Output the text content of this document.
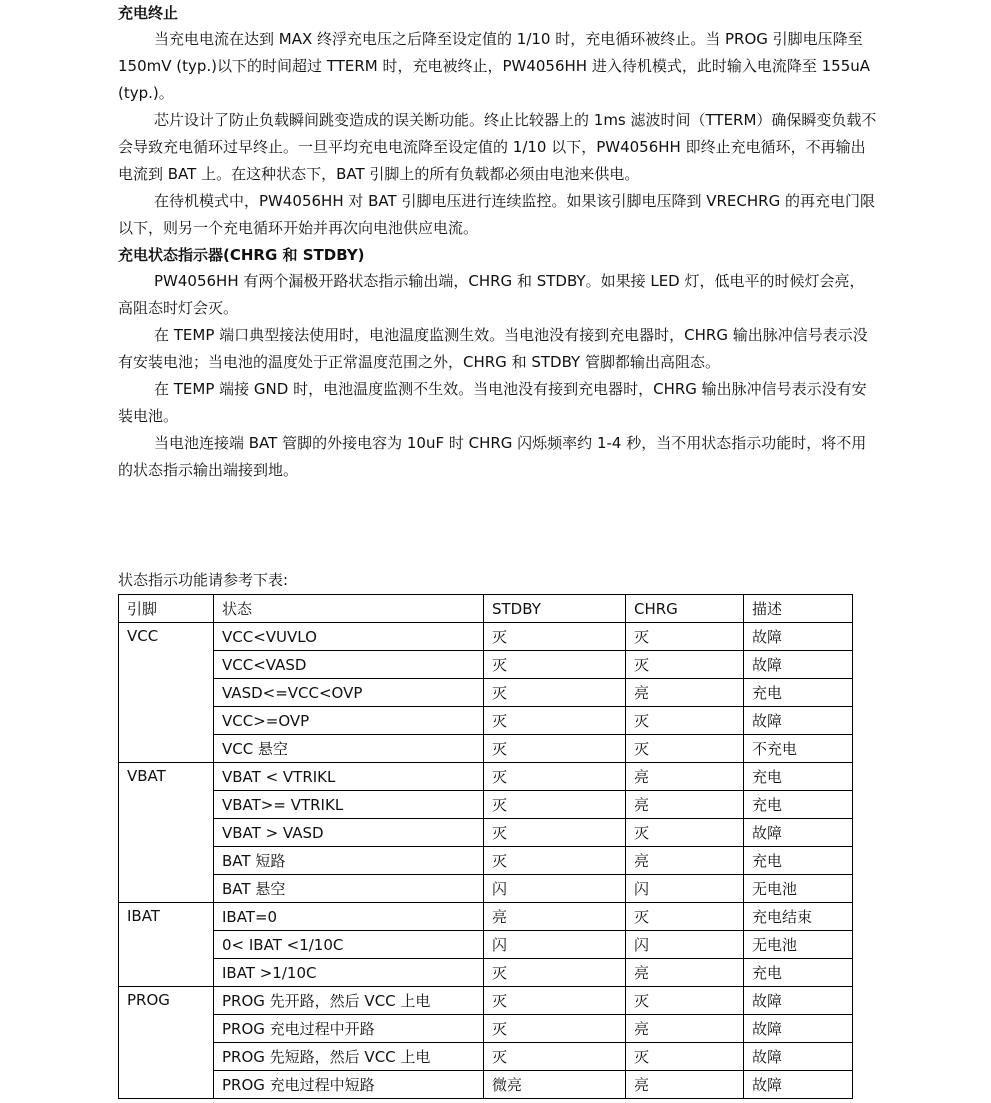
充电终止

当充电电流在达到 MAX 终浮充电压之后降至设定值的 1/10 时，充电循环被终止。当 PROG 引脚电压降至 150mV (typ.)以下的时间超过 TTERM 时，充电被终止，PW4056HH 进入待机模式，此时输入电流降至 155uA (typ.)。

芯片设计了防止负载瞬间跳变造成的误关断功能。终止比较器上的 1ms 滤波时间（TTERM）确保瞬变负载不会导致充电循环过早终止。一旦平均充电电流降至设定值的 1/10 以下，PW4056HH 即终止充电循环，不再输出电流到 BAT 上。在这种状态下，BAT 引脚上的所有负载都必须由电池来供电。

在待机模式中，PW4056HH 对 BAT 引脚电压进行连续监控。如果该引脚电压降到 VRECHRG 的再充电门限以下，则另一个充电循环开始并再次向电池供应电流。

充电状态指示器(CHRG 和 STDBY)

PW4056HH 有两个漏极开路状态指示输出端，CHRG 和 STDBY。如果接 LED 灯，低电平的时候灯会亮，高阻态时灯会灭。

在 TEMP 端口典型接法使用时，电池温度监测生效。当电池没有接到充电器时，CHRG 输出脉冲信号表示没有安装电池；当电池的温度处于正常温度范围之外，CHRG 和 STDBY 管脚都输出高阻态。

在 TEMP 端接 GND 时，电池温度监测不生效。当电池没有接到充电器时，CHRG 输出脉冲信号表示没有安装电池。

当电池连接端 BAT 管脚的外接电容为 10uF 时 CHRG 闪烁频率约 1-4 秒，当不用状态指示功能时，将不用的状态指示输出端接到地。

状态指示功能请参考下表:
引脚	状态	STDBY	CHRG	描述
VCC	VCC<VUVLO	灭	灭	故障
	VCC<VASD	灭	灭	故障
	VASD<=VCC<OVP	灭	亮	充电
	VCC>=OVP	灭	灭	故障
	VCC 悬空	灭	灭	不充电
VBAT	VBAT < VTRIKL	灭	亮	充电
	VBAT>= VTRIKL	灭	亮	充电
	VBAT > VASD	灭	灭	故障
	BAT 短路	灭	亮	充电
	BAT 悬空	闪	闪	无电池
IBAT	IBAT=0	亮	灭	充电结束
	0< IBAT <1/10C	闪	闪	无电池
	IBAT >1/10C	灭	亮	充电
PROG	PROG 先开路，然后 VCC 上电	灭	灭	故障
	PROG 充电过程中开路	灭	亮	故障
	PROG 先短路，然后 VCC 上电	灭	灭	故障
	PROG 充电过程中短路	微亮	亮	故障
